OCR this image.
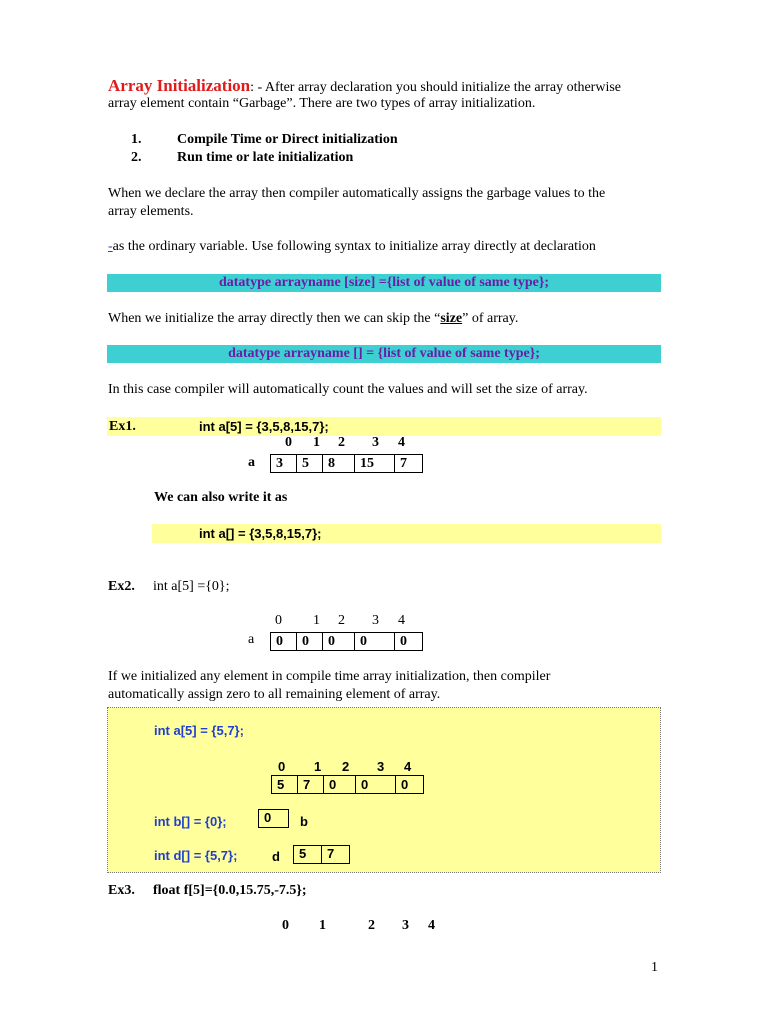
Array Initialization: - After array declaration you should initialize the array otherwise
array element contain “Garbage”. There are two types of array initialization.
1.	Compile Time or Direct initialization
2.	Run time or late initialization
When we declare the array then compiler automatically assigns the garbage values to the
array elements.
-as the ordinary variable. Use following syntax to initialize array directly at declaration
datatype arrayname [size] ={list of value of same type};
When we initialize the array directly then we can skip the “size” of array.
datatype arrayname [] = {list of value of same type};
In this case compiler will automatically count the values and will set the size of array.
Ex1.	int a[5] = {3,5,8,15,7};
0 1 2 3 4
a	3	5	8	15	7
We can also write it as
int a[] = {3,5,8,15,7};
Ex2. int a[5] ={0};
0 1 2 3 4
a	0	0	0	0	0
If we initialized any element in compile time array initialization, then compiler
automatically assign zero to all remaining element of array.
int a[5] = {5,7};
0 1 2 3 4
5	7	0	0	0
int b[] = {0};	0	b
int d[] = {5,7};	d	5	7
Ex3. float f[5]={0.0,15.75,-7.5};
0 1	2 3 4
1
